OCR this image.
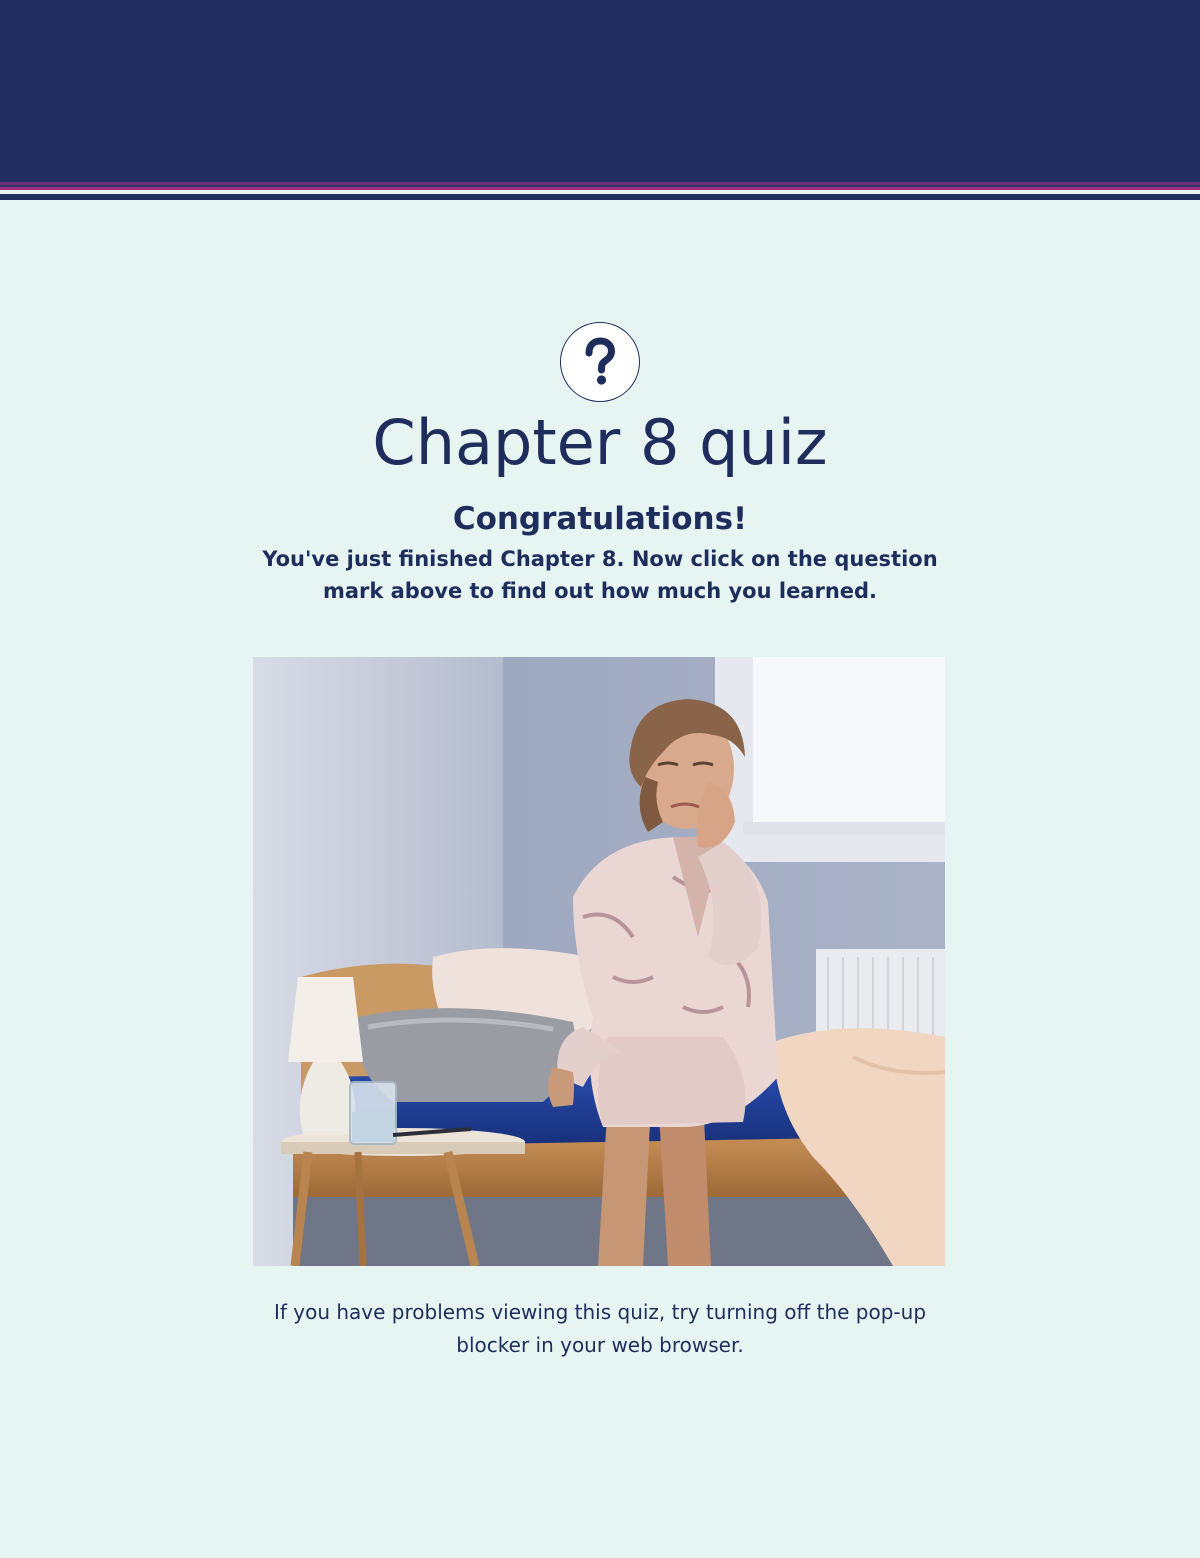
Chapter 8 quiz
Congratulations!

You've just finished Chapter 8. Now click on the question mark above to find out how much you learned.

If you have problems viewing this quiz, try turning off the pop-up blocker in your web browser.
